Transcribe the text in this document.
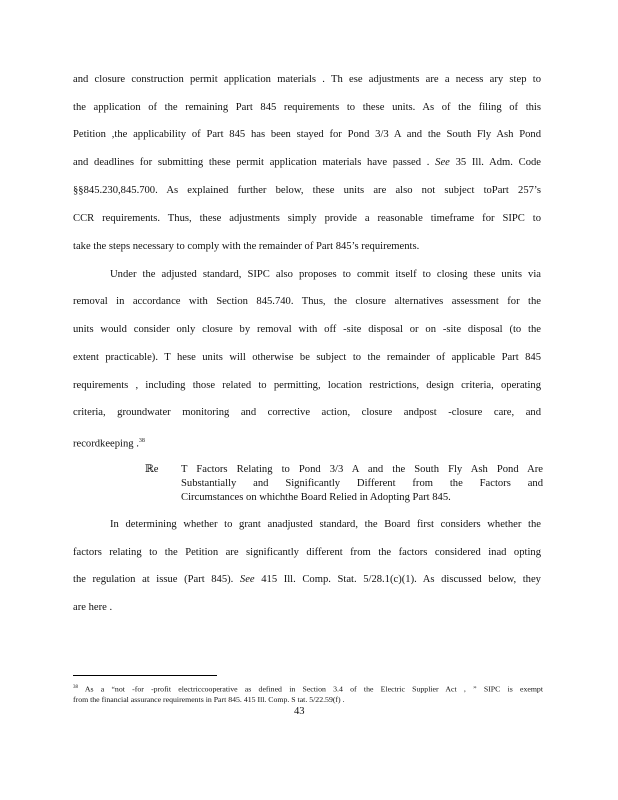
and closure construction permit application materials . Th ese adjustments are a necess ary step to
the application of the remaining Part 845 requirements to these units. As of the filing of this
Petition ,the applicability of Part 845 has been stayed for Pond 3/3 A and the South Fly Ash Pond
and deadlines for submitting these permit application materials have passed . See 35 Ill. Adm. Code
§§845.230,845.700. As explained further below, these units are also not subject toPart 257’s
CCR requirements. Thus, these adjustments simply provide a reasonable timeframe for SIPC to
take the steps necessary to comply with the remainder of Part 845’s requirements.
Under the adjusted standard, SIPC also proposes to commit itself to closing these units via
removal in accordance with Section 845.740. Thus, the closure alternatives assessment for the
units would consider only closure by removal with off -site disposal or on -site disposal (to the
extent practicable). T hese units will otherwise be subject to the remainder of applicable Part 845
requirements , including those related to permitting, location restrictions, design criteria, operating
criteria, groundwater monitoring and corrective action, closure andpost -closure care, and
recordkeeping .$^{38}$
ℝe T Factors Relating to Pond 3/3 A and the South Fly Ash Pond Are
Substantially and Significantly Different from the Factors and
Circumstances on whichthe Board Relied in Adopting Part 845.
In determining whether to grant anadjusted standard, the Board first considers whether the
factors relating to the Petition are significantly different from the factors considered inad opting
the regulation at issue (Part 845). See 415 Ill. Comp. Stat. 5/28.1(c)(1). As discussed below, they
are here .
$^{38}$ As a “not -for -profit electriccooperative as defined in Section 3.4 of the Electric Supplier Act , ” SIPC is exempt
from the financial assurance requirements in Part 845. 415 Ill. Comp. S tat. 5/22.59(f) .
43
